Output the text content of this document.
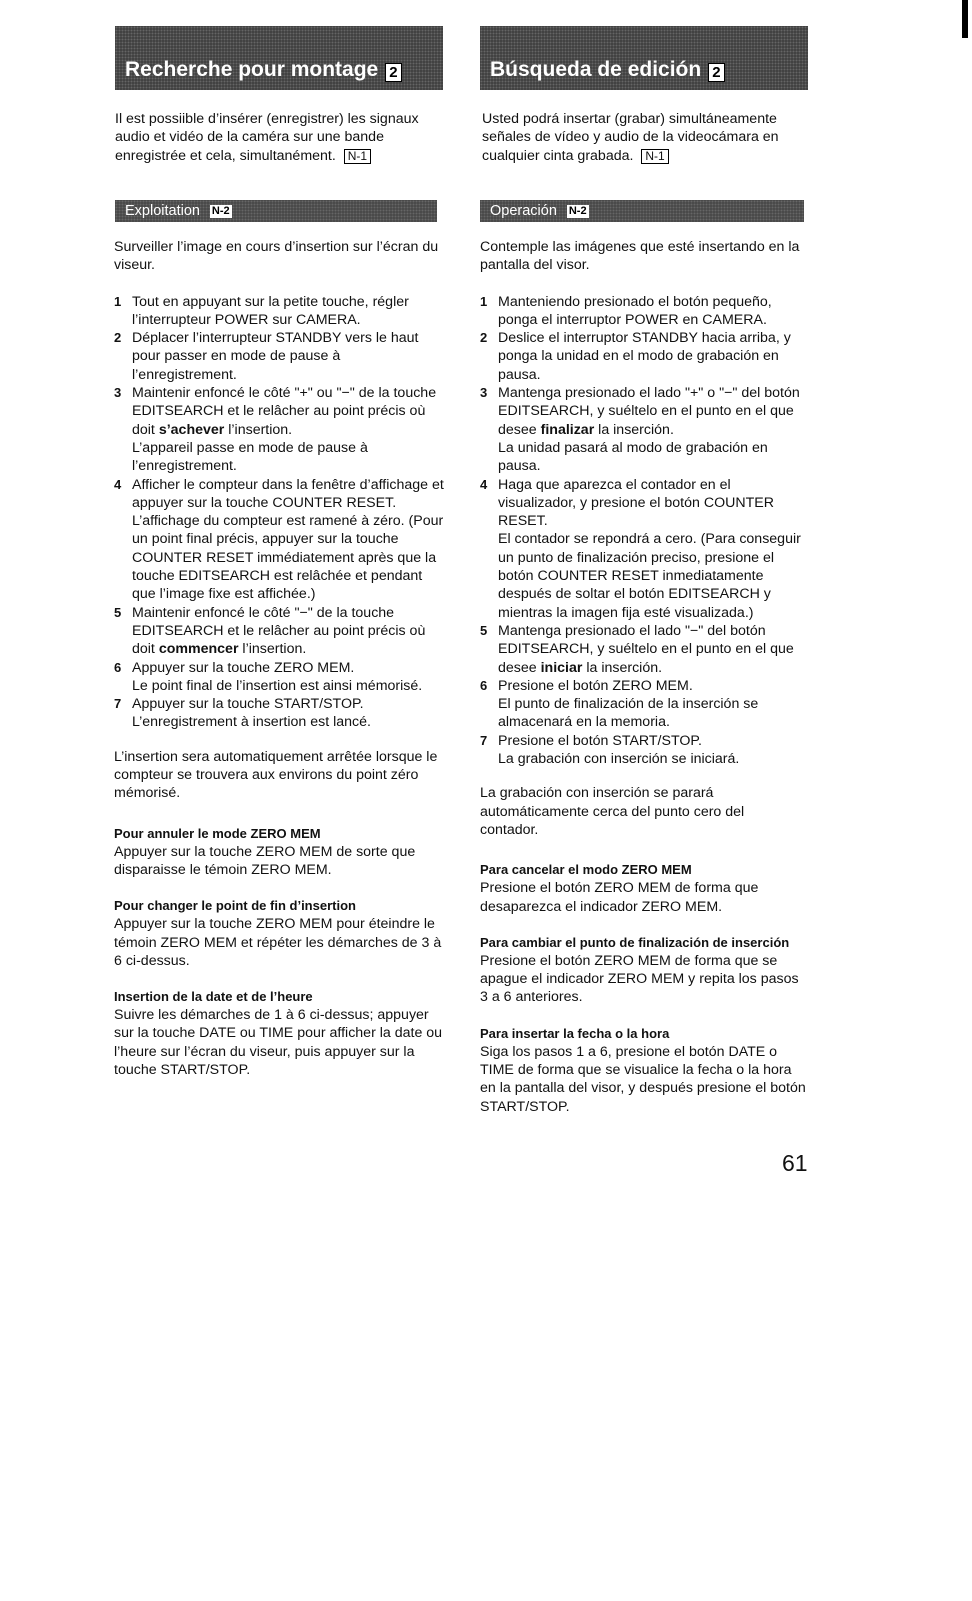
Recherche pour montage 2
Il est possiible d’insérer (enregistrer) les signaux audio et vidéo de la caméra sur une bande enregistrée et cela, simultanément. N-1
Exploitation N-2

Surveiller l’image en cours d’insertion sur l’écran du viseur.

1 Tout en appuyant sur la petite touche, régler l’interrupteur POWER sur CAMERA.
2 Déplacer l’interrupteur STANDBY vers le haut pour passer en mode de pause à l’enregistrement.
3 Maintenir enfoncé le côté "+" ou "−" de la touche EDITSEARCH et le relâcher au point précis où doit s’achever l’insertion.
L’appareil passe en mode de pause à l’enregistrement.
4 Afficher le compteur dans la fenêtre d’affichage et appuyer sur la touche COUNTER RESET.
L’affichage du compteur est ramené à zéro. (Pour un point final précis, appuyer sur la touche COUNTER RESET immédiatement après que la touche EDITSEARCH est relâchée et pendant que l’image fixe est affichée.)
5 Maintenir enfoncé le côté "−" de la touche EDITSEARCH et le relâcher au point précis où doit commencer l’insertion.
6 Appuyer sur la touche ZERO MEM.
Le point final de l’insertion est ainsi mémorisé.
7 Appuyer sur la touche START/STOP.
L’enregistrement à insertion est lancé.

L’insertion sera automatiquement arrêtée lorsque le compteur se trouvera aux environs du point zéro mémorisé.

Pour annuler le mode ZERO MEM

Appuyer sur la touche ZERO MEM de sorte que disparaisse le témoin ZERO MEM.

Pour changer le point de fin d’insertion

Appuyer sur la touche ZERO MEM pour éteindre le témoin ZERO MEM et répéter les démarches de 3 à 6 ci-dessus.

Insertion de la date et de l’heure

Suivre les démarches de 1 à 6 ci-dessus; appuyer sur la touche DATE ou TIME pour afficher la date ou l’heure sur l’écran du viseur, puis appuyer sur la touche START/STOP.

Búsqueda de edición 2
Usted podrá insertar (grabar) simultáneamente señales de vídeo y audio de la videocámara en cualquier cinta grabada. N-1
Operación N-2

Contemple las imágenes que esté insertando en la pantalla del visor.

1 Manteniendo presionado el botón pequeño, ponga el interruptor POWER en CAMERA.
2 Deslice el interruptor STANDBY hacia arriba, y ponga la unidad en el modo de grabación en pausa.
3 Mantenga presionado el lado "+" o "−" del botón EDITSEARCH, y suéltelo en el punto en el que desee finalizar la inserción.
La unidad pasará al modo de grabación en pausa.
4 Haga que aparezca el contador en el visualizador, y presione el botón COUNTER RESET.
El contador se repondrá a cero. (Para conseguir un punto de finalización preciso, presione el botón COUNTER RESET inmediatamente después de soltar el botón EDITSEARCH y mientras la imagen fija esté visualizada.)
5 Mantenga presionado el lado "−" del botón EDITSEARCH, y suéltelo en el punto en el que desee iniciar la inserción.
6 Presione el botón ZERO MEM.
El punto de finalización de la inserción se almacenará en la memoria.
7 Presione el botón START/STOP.
La grabación con inserción se iniciará.

La grabación con inserción se parará automáticamente cerca del punto cero del contador.

Para cancelar el modo ZERO MEM

Presione el botón ZERO MEM de forma que desaparezca el indicador ZERO MEM.

Para cambiar el punto de finalización de inserción

Presione el botón ZERO MEM de forma que se apague el indicador ZERO MEM y repita los pasos 3 a 6 anteriores.

Para insertar la fecha o la hora

Siga los pasos 1 a 6, presione el botón DATE o TIME de forma que se visualice la fecha o la hora en la pantalla del visor, y después presione el botón START/STOP.

61
